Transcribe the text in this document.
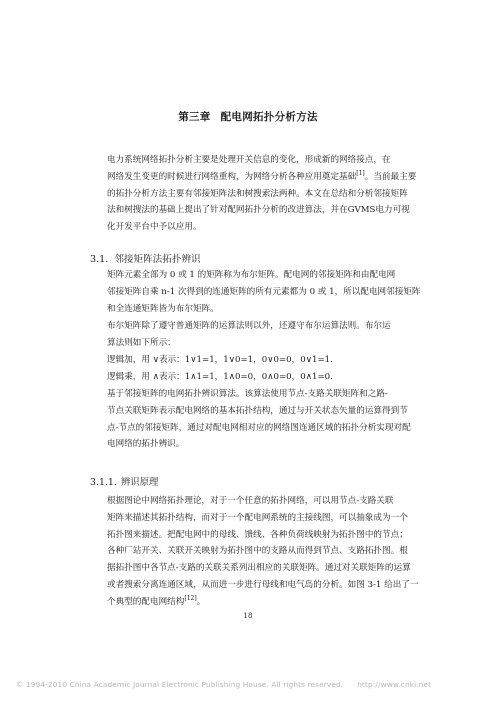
第三章 配电网拓扑分析方法

电力系统网络拓扑分析主要是处理开关信息的变化，形成新的网络接点，在
网络发生变更的时候进行网络重构，为网络分析各种应用奠定基础[1]。当前最主要
的拓扑分析方法主要有邻接矩阵法和树搜索法两种。本文在总结和分析邻接矩阵
法和树搜法的基础上提出了针对配网拓扑分析的改进算法，并在GVMS电力可视
化开发平台中予以应用。

3.1. 邻接矩阵法拓扑辨识

矩阵元素全部为 0 或 1 的矩阵称为布尔矩阵。配电网的邻接矩阵和由配电网
邻接矩阵自乘 n-1 次得到的连通矩阵的所有元素都为 0 或 1，所以配电网邻接矩阵
和全连通矩阵皆为布尔矩阵。

布尔矩阵除了遵守普通矩阵的运算法则以外，还遵守布尔运算法则。布尔运
算法则如下所示：

逻辑加，用 ∨表示：1∨1=1，1∨0=1，0∨0=0，0∨1=1.

逻辑乘，用 ∧表示：1∧1=1，1∧0=0，0∧0=0，0∧1=0.

基于邻接矩阵的电网拓扑辨识算法。该算法使用节点-支路关联矩阵和之路-
节点关联矩阵表示配电网络的基本拓扑结构，通过与开关状态矢量的运算得到节
点-节点的邻接矩阵，通过对配电网相对应的网络图连通区域的拓扑分析实现对配
电网络的拓扑辨识。

3.1.1. 辨识原理

根据图论中网络拓扑理论，对于一个任意的拓扑网络，可以用节点-支路关联
矩阵来描述其拓扑结构，而对于一个配电网系统的主接线图，可以抽象成为一个
拓扑图来描述。把配电网中的母线、馈线、各种负荷线映射为拓扑图中的节点；
各种厂站开关、关联开关映射为拓扑图中的支路从而得到节点、支路拓扑图。根
据拓扑图中各节点-支路的关联关系列出相应的关联矩阵。通过对关联矩阵的运算
或者搜索分离连通区域，从而进一步进行母线和电气岛的分析。如图 3-1 给出了一
个典型的配电网结构[12]。

18
© 1994-2010 China Academic Journal Electronic Publishing House. All rights reserved. http://www.cnki.net
